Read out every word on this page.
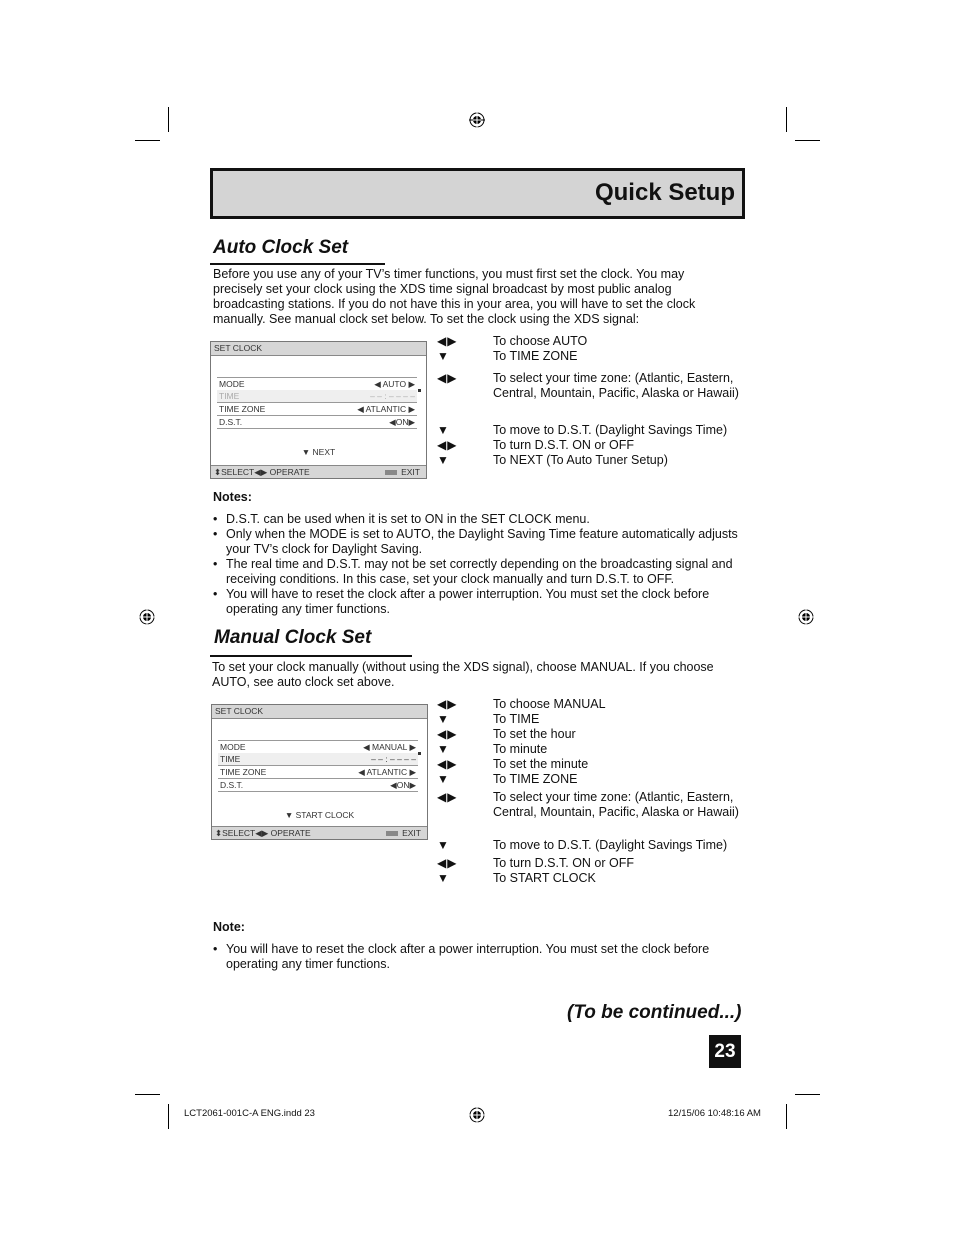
Quick Setup
Auto Clock Set
Before you use any of your TV’s timer functions, you must first set the clock. You may
precisely set your clock using the XDS time signal broadcast by most public analog
broadcasting stations. If you do not have this in your area, you will have to set the clock
manually. See manual clock set below. To set the clock using the XDS signal:
SET CLOCK
MODE	◀ AUTO ▶
TIME	– – : – – – –
TIME ZONE	◀ ATLANTIC ▶
D.S.T.	◀ON▶
▼ NEXT
⬍SELECT◀▶ OPERATE	EXIT
◀▶	To choose AUTO
▼	To TIME ZONE
◀▶	To select your time zone: (Atlantic, Eastern, Central, Mountain, Pacific, Alaska or Hawaii)
▼	To move to D.S.T. (Daylight Savings Time)
◀▶	To turn D.S.T. ON or OFF
▼	To NEXT (To Auto Tuner Setup)
Notes:
• D.S.T. can be used when it is set to ON in the SET CLOCK menu.
• Only when the MODE is set to AUTO, the Daylight Saving Time feature automatically adjusts
your TV’s clock for Daylight Saving.
• The real time and D.S.T. may not be set correctly depending on the broadcasting signal and
receiving conditions. In this case, set your clock manually and turn D.S.T. to OFF.
• You will have to reset the clock after a power interruption. You must set the clock before
operating any timer functions.
Manual Clock Set
To set your clock manually (without using the XDS signal), choose MANUAL. If you choose
AUTO, see auto clock set above.
SET CLOCK
MODE	◀ MANUAL ▶
TIME	– – : – – – –
TIME ZONE	◀ ATLANTIC ▶
D.S.T.	◀ON▶
▼ START CLOCK
⬍SELECT◀▶ OPERATE	EXIT
◀▶	To choose MANUAL
▼	To TIME
◀▶	To set the hour
▼	To minute
◀▶	To set the minute
▼	To TIME ZONE
◀▶	To select your time zone: (Atlantic, Eastern, Central, Mountain, Pacific, Alaska or Hawaii)
▼	To move to D.S.T. (Daylight Savings Time)
◀▶	To turn D.S.T. ON or OFF
▼	To START CLOCK
Note:
• You will have to reset the clock after a power interruption. You must set the clock before
operating any timer functions.
(To be continued...)
23
LCT2061-001C-A ENG.indd 23	12/15/06 10:48:16 AM
